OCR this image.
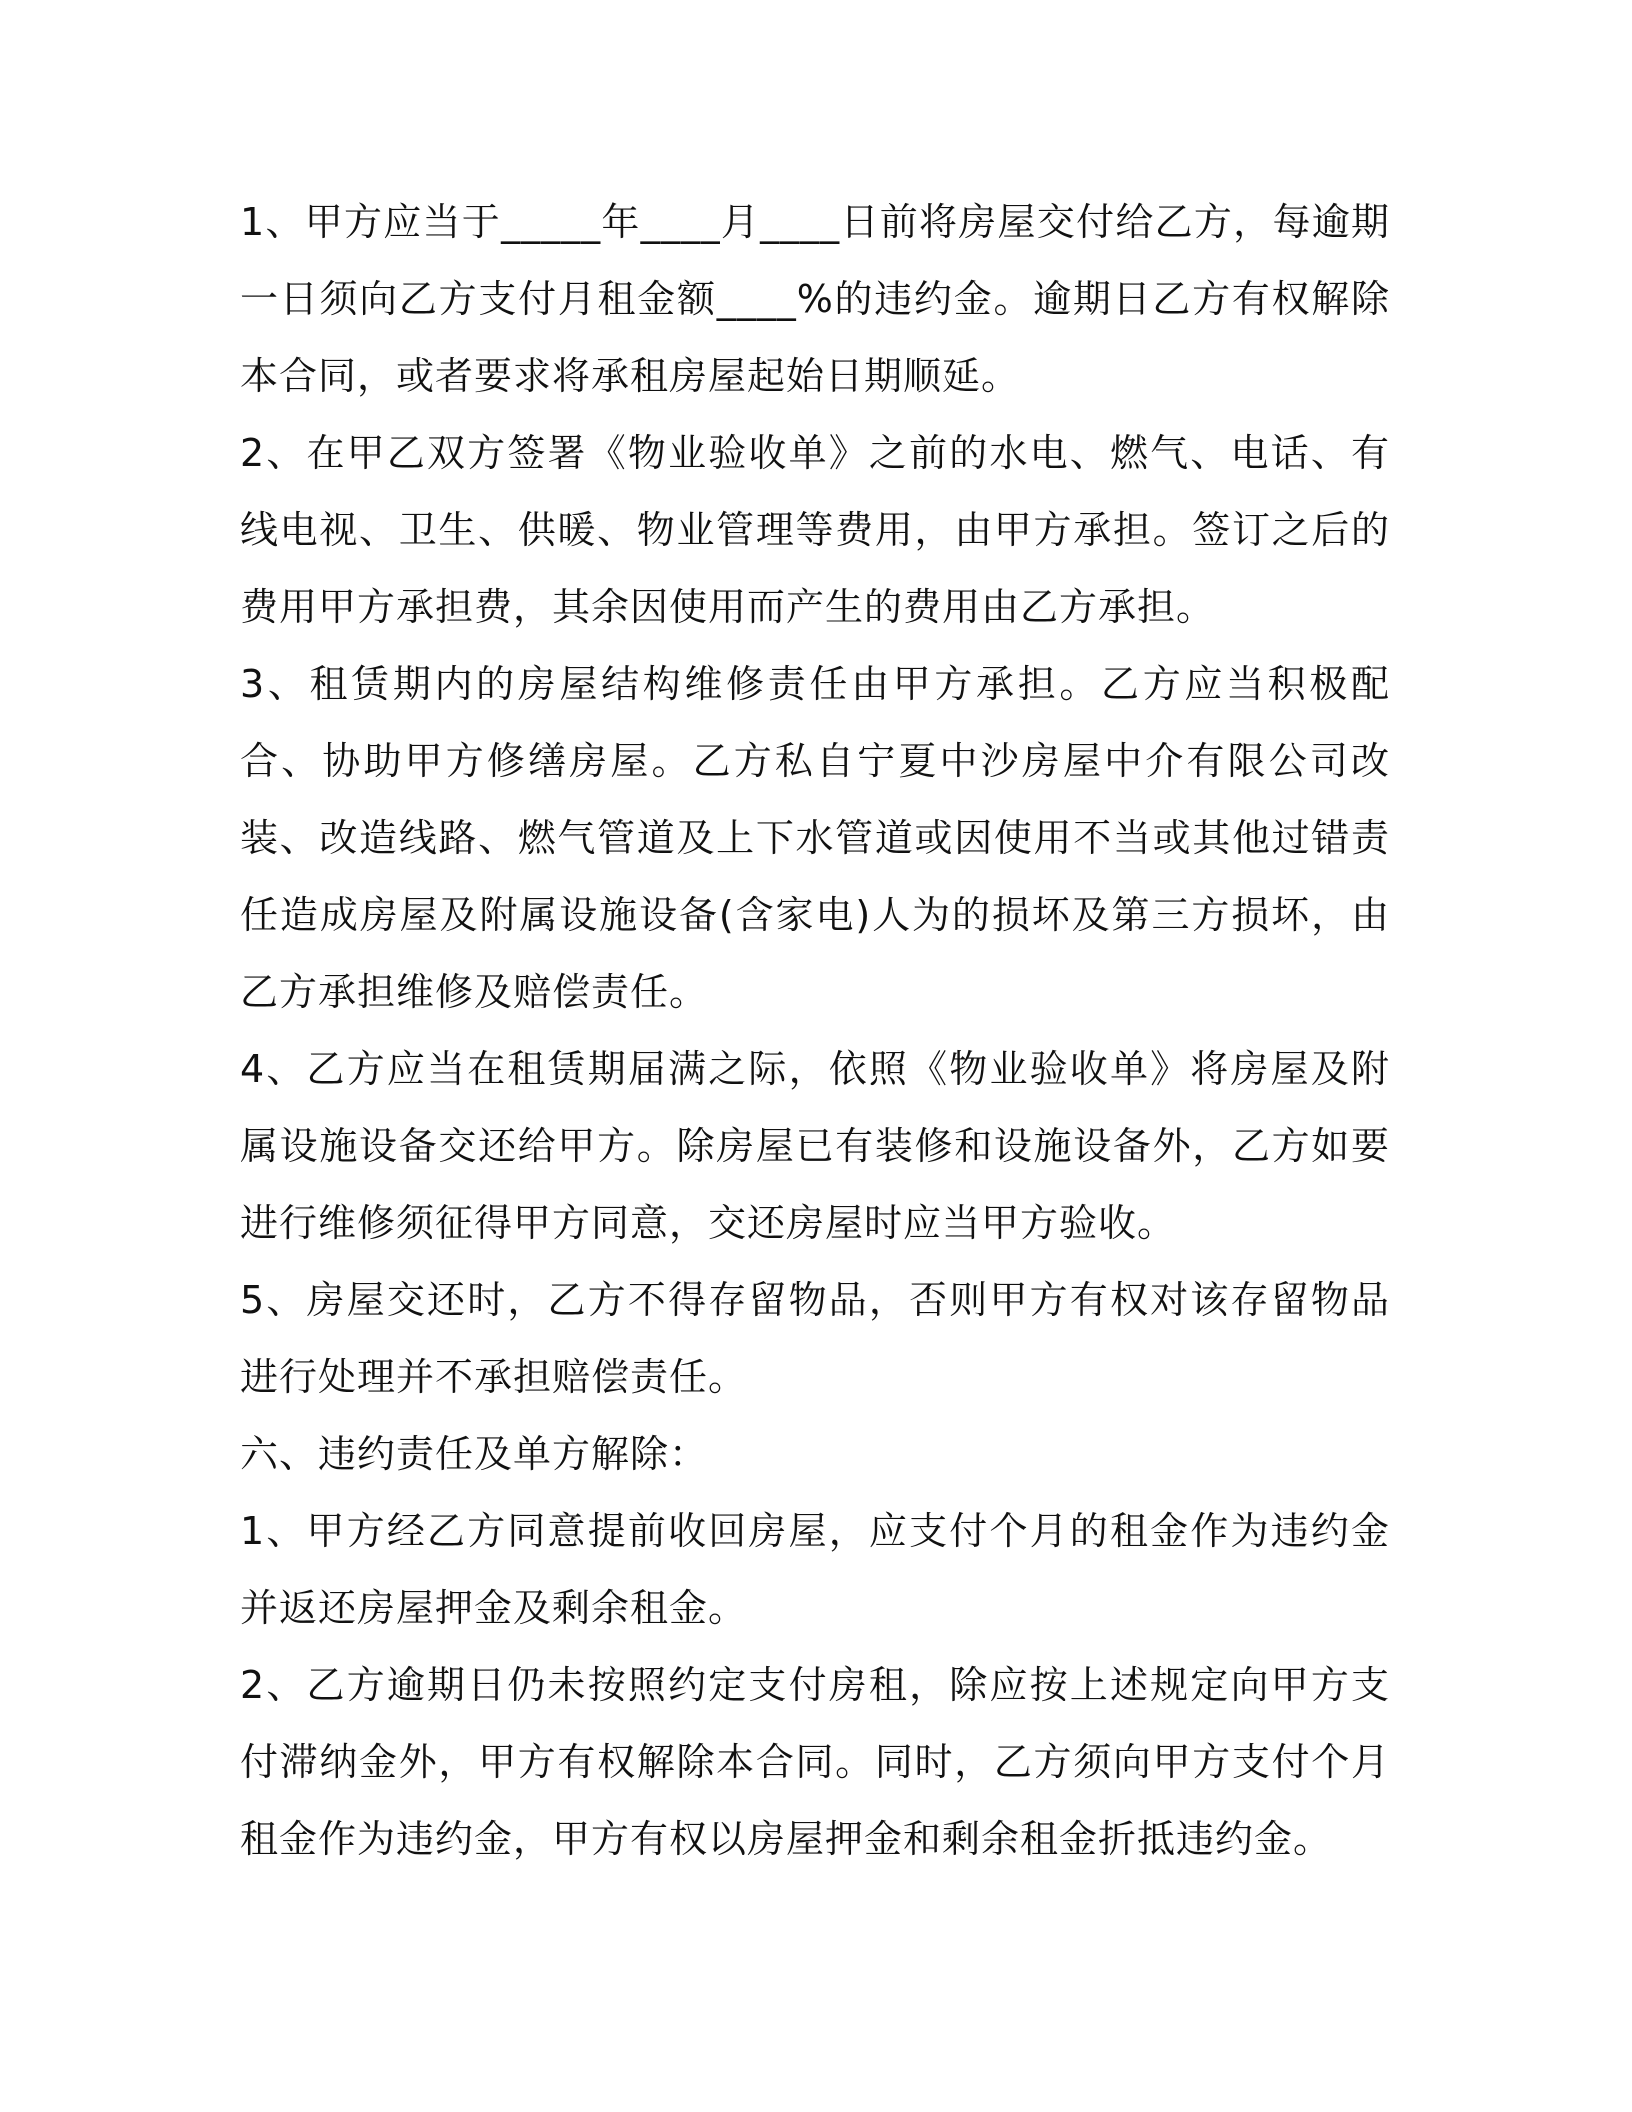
1、甲方应当于_____年____月____日前将房屋交付给乙方，每逾期一日须向乙方支付月租金额____%的违约金。逾期日乙方有权解除本合同，或者要求将承租房屋起始日期顺延。

2、在甲乙双方签署《物业验收单》之前的水电、燃气、电话、有线电视、卫生、供暖、物业管理等费用，由甲方承担。签订之后的费用甲方承担费，其余因使用而产生的费用由乙方承担。

3、租赁期内的房屋结构维修责任由甲方承担。乙方应当积极配合、协助甲方修缮房屋。乙方私自宁夏中沙房屋中介有限公司改装、改造线路、燃气管道及上下水管道或因使用不当或其他过错责任造成房屋及附属设施设备(含家电)人为的损坏及第三方损坏，由乙方承担维修及赔偿责任。

4、乙方应当在租赁期届满之际，依照《物业验收单》将房屋及附属设施设备交还给甲方。除房屋已有装修和设施设备外，乙方如要进行维修须征得甲方同意，交还房屋时应当甲方验收。

5、房屋交还时，乙方不得存留物品，否则甲方有权对该存留物品进行处理并不承担赔偿责任。

六、违约责任及单方解除：

1、甲方经乙方同意提前收回房屋，应支付个月的租金作为违约金并返还房屋押金及剩余租金。

2、乙方逾期日仍未按照约定支付房租，除应按上述规定向甲方支付滞纳金外，甲方有权解除本合同。同时，乙方须向甲方支付个月租金作为违约金，甲方有权以房屋押金和剩余租金折抵违约金。
